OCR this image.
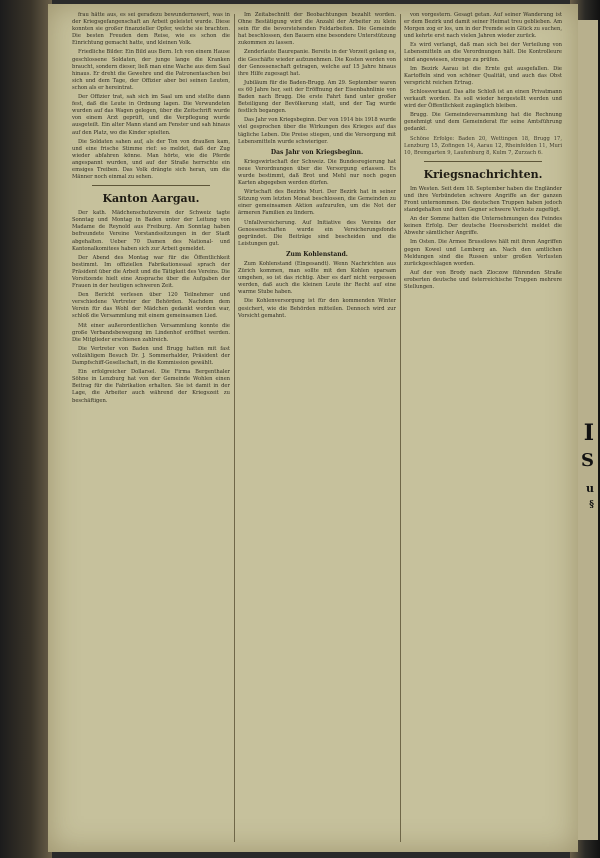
I
S
u
§

frau hätte aus, es sei geradezu bewundernswert, was in der Kriegsgefangenschaft an Arbeit geleistet wurde. Diese konnten sie großer finanzieller Opfer, welche sie brachten. Die besten Freuden dem Reise, wie es schon die Einrichtung gemacht hatte, und kleinen Volk.

Friedliche Bilder. Ein Bild aus Bern. Ich von einem Hause geschlossene Soldaten, der junge lange die Kranken braucht, sondern dieser, ließ man eine Wache aus dem Saal hinaus. Er dreht die Gewehre und die Patronentaschen bei sich und dem Tage, der Offizier aber bei seinen Leuten, schon als er hereintrat.

Der Offizier trat, sah sich im Saal um und stellte dann fest, daß die Leute in Ordnung lagen. Die Verwundeten wurden auf das Wagen gelegen, über die Zeitschrift wurde von einem Arzt geprüft, und die Verpflegung wurde ausgeteilt. Ein alter Mann stand am Fenster und sah hinaus auf den Platz, wo die Kinder spielten.

Die Soldaten sahen auf, als der Ton von draußen kam, und eine frische Stimme rief: so meldet, daß der Zug wieder abfahren könne. Man hörte, wie die Pferde angespannt wurden, und auf der Straße herrschte ein emsiges Treiben. Das Volk drängte sich heran, um die Männer noch einmal zu sehen.

Kanton Aargau.

Der kath. Mädchenschutzverein der Schweiz tagte Sonntag und Montag in Baden unter der Leitung von Madame de Reynold aus Freiburg. Am Sonntag haben befreundete Vereine Vorstandssitzungen in der Stadt abgehalten. Ueber 70 Damen des National- und Kantonalkomitees haben sich zur Arbeit gemeldet.

Der Abend des Montag war für die Öffentlichkeit bestimmt. Im offiziellen Fabrikationssaal sprach der Präsident über die Arbeit und die Tätigkeit des Vereins. Die Vorsitzende hielt eine Ansprache über die Aufgaben der Frauen in der heutigen schweren Zeit.

Den Bericht verlesen über 120 Teilnehmer und verschiedene Vertreter der Behörden. Nachdem dem Verein für das Wohl der Mädchen gedankt worden war, schloß die Versammlung mit einem gemeinsamen Lied.

Mit einer außerordentlichen Versammlung konnte die große Verbandsbewegung im Lindenhof eröffnet werden. Die Mitglieder erschienen zahlreich.

Die Vertreter von Baden und Brugg hatten mit fast vollzähligem Besuch Dr. J. Sommerhalder, Präsident der Dampfschiff-Gesellschaft, in die Kommission gewählt.

Ein erfolgreicher Dollarsel. Die Firma Bergenthaler Söhne in Lenzburg hat von der Gemeinde Wohlen einen Beitrag für die Fabrikation erhalten. Sie ist damit in der Lage, die Arbeiter auch während der Kriegszeit zu beschäftigen.

Im Zeitabschnitt der Beobachtungen bezahlt worden. Ohne Bestätigung wird die Anzahl der Arbeiter zu klein sein für die bevorstehenden Feldarbeiten. Die Gemeinde hat beschlossen, den Bauern eine besondere Unterstützung zukommen zu lassen.

Zenderlaute Baurepanie. Bereits in der Vorzeit gelang es, die Geschäfte wieder aufzunehmen. Die Kosten werden von der Genossenschaft getragen, welche auf 15 Jahre hinaus ihre Hilfe zugesagt hat.

Jubiläum für die Baden-Brugg. Am 29. September waren es 60 Jahre her, seit der Eröffnung der Eisenbahnlinie von Baden nach Brugg. Die erste Fahrt fand unter großer Beteiligung der Bevölkerung statt, und der Tag wurde festlich begangen.

Das Jahr von Kriegsbeginn. Der von 1914 bis 1918 wurde viel gesprochen über die Wirkungen des Krieges auf das tägliche Leben. Die Preise stiegen, und die Versorgung mit Lebensmitteln wurde schwieriger.

Das Jahr von Kriegsbeginn.

Kriegswirtschaft der Schweiz. Die Bundesregierung hat neue Verordnungen über die Versorgung erlassen. Es wurde bestimmt, daß Brot und Mehl nur noch gegen Karten abgegeben werden dürfen.

Wirtschaft des Bezirks Muri. Der Bezirk hat in seiner Sitzung vom letzten Monat beschlossen, die Gemeinden zu einer gemeinsamen Aktion aufzurufen, um die Not der ärmeren Familien zu lindern.

Unfallversicherung. Auf Initiative des Vereins der Genossenschaften wurde ein Versicherungsfonds gegründet. Die Beiträge sind bescheiden und die Leistungen gut.

Zum Kohlenstand.

Zum Kohlenstand (Eingesandt). Wenn Nachrichten aus Zürich kommen, man sollte mit den Kohlen sparsam umgehen, so ist das richtig. Aber es darf nicht vergessen werden, daß auch die kleinen Leute ihr Recht auf eine warme Stube haben.

Die Kohlenversorgung ist für den kommenden Winter gesichert, wie die Behörden mitteilen. Dennoch wird zur Vorsicht gemahnt.

von vorgestern. Gesagt getan. Auf seiner Wanderung ist er dem Bezirk und damit seiner Heimat treu geblieben. Am Morgen zog er los, um in der Fremde sein Glück zu suchen, und kehrte erst nach vielen Jahren wieder zurück.

Es wird verlangt, daß man sich bei der Verteilung von Lebensmitteln an die Verordnungen hält. Die Kontrolleure sind angewiesen, strenge zu prüfen.

Im Bezirk Aarau ist die Ernte gut ausgefallen. Die Kartoffeln sind von schöner Qualität, und auch das Obst verspricht reichen Ertrag.

Schlossverkauf. Das alte Schloß ist an einen Privatmann verkauft worden. Es soll wieder hergestellt werden und wird der Öffentlichkeit zugänglich bleiben.

Brugg. Die Gemeindeversammlung hat die Rechnung genehmigt und dem Gemeinderat für seine Amtsführung gedankt.

Schöne Erfolge: Baden 20, Wettingen 18, Brugg 17, Lenzburg 15, Zofingen 14, Aarau 12, Rheinfelden 11, Muri 10, Bremgarten 9, Laufenburg 8, Kulm 7, Zurzach 6.

Kriegsnachrichten.

Im Westen. Seit dem 18. September haben die Engländer und ihre Verbündeten schwere Angriffe an der ganzen Front unternommen. Die deutschen Truppen haben jedoch standgehalten und dem Gegner schwere Verluste zugefügt.

An der Somme hatten die Unternehmungen des Feindes keinen Erfolg. Der deutsche Heeresbericht meldet die Abwehr sämtlicher Angriffe.

Im Osten. Die Armee Brussilows hält mit ihren Angriffen gegen Kowel und Lemberg an. Nach den amtlichen Meldungen sind die Russen unter großen Verlusten zurückgeschlagen worden.

Auf der von Brody nach Zloczow führenden Straße eroberten deutsche und österreichische Truppen mehrere Stellungen.
